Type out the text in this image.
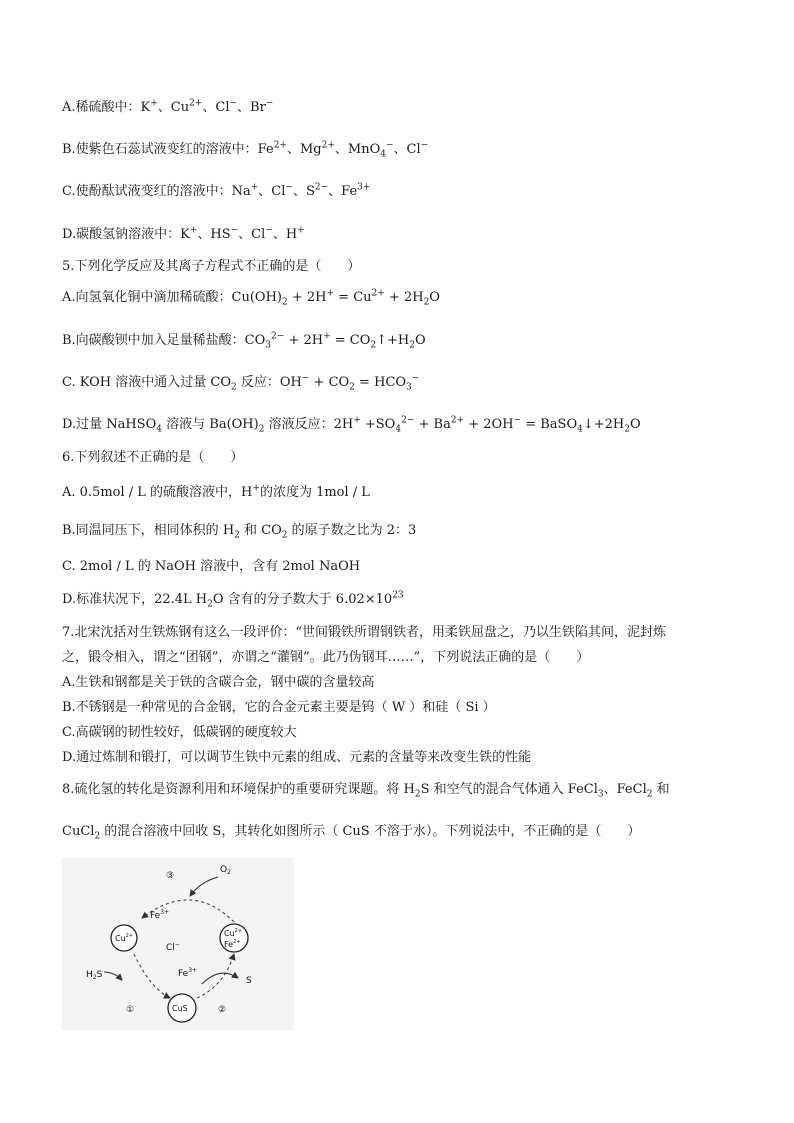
A.稀硫酸中：K+、$Cu^{2+}$、Cl−、Br−
B.使紫色石蕊试液变红的溶液中：$Fe^{2+}$、$Mg^{2+}$、MnO$_4$−、Cl−
C.使酚酞试液变红的溶液中：Na+、Cl−、$S^{2-}$、$Fe^{3+}$
D.碳酸氢钠溶液中：K+、HS−、Cl−、H+
5.下列化学反应及其离子方程式不正确的是（　　）
A.向氢氧化铜中滴加稀硫酸：$Cu(OH)_2 + 2H^+ = Cu^{2+} + 2H_2O$
B.向碳酸钡中加入足量稀盐酸：$CO_3^{2-} + 2H^+$ = $CO_2↑+H_2O$
C. KOH 溶液中通入过量 $CO_2$ 反应：$OH^- + CO_2 = HCO_3^-$
D.过量 NaHSO$_4$ 溶液与 $Ba(OH)_2$ 溶液反应：$2H^+ +SO_4^{2-} + Ba^{2+} + 2OH^-$ = $BaSO_4↓+2H_2O$
6.下列叙述不正确的是（　　）
A. 0.5mol / L 的硫酸溶液中，H+的浓度为 1mol / L
B.同温同压下，相同体积的 $H_2$ 和 $CO_2$ 的原子数之比为 2：3
C. 2mol / L 的 NaOH 溶液中，含有 2mol NaOH
D.标准状况下，22.4L $H_2O$ 含有的分子数大于 $6.02\times 10^{23}$
7.北宋沈括对生铁炼钢有这么一段评价：“世间锻铁所谓钢铁者，用柔铁屈盘之，乃以生铁陷其间，泥封炼
之，锻令相入，谓之“团钢”，亦谓之“灌钢”。此乃伪钢耳……”，下列说法正确的是（　　）
A.生铁和钢都是关于铁的含碳合金，钢中碳的含量较高
B.不锈钢是一种常见的合金钢，它的合金元素主要是钨（ W ）和硅（ Si ）
C.高碳钢的韧性较好，低碳钢的硬度较大
D.通过炼制和锻打，可以调节生铁中元素的组成、元素的含量等来改变生铁的性能
8.硫化氢的转化是资源利用和环境保护的重要研究课题。将 $H_2S$ 和空气的混合气体通入 FeCl$_3$、FeCl$_2$ 和
CuCl$_2$ 的混合溶液中回收 S，其转化如图所示（ CuS 不溶于水）。下列说法中，不正确的是（　　）
③
$O_2$
$Fe^{3+}$
Cl−
$Fe^{3+}$
$H_2S$
S
①	②
$Cu^{2+}$	$Cu^{2+}$
$Fe^{2+}$
CuS
